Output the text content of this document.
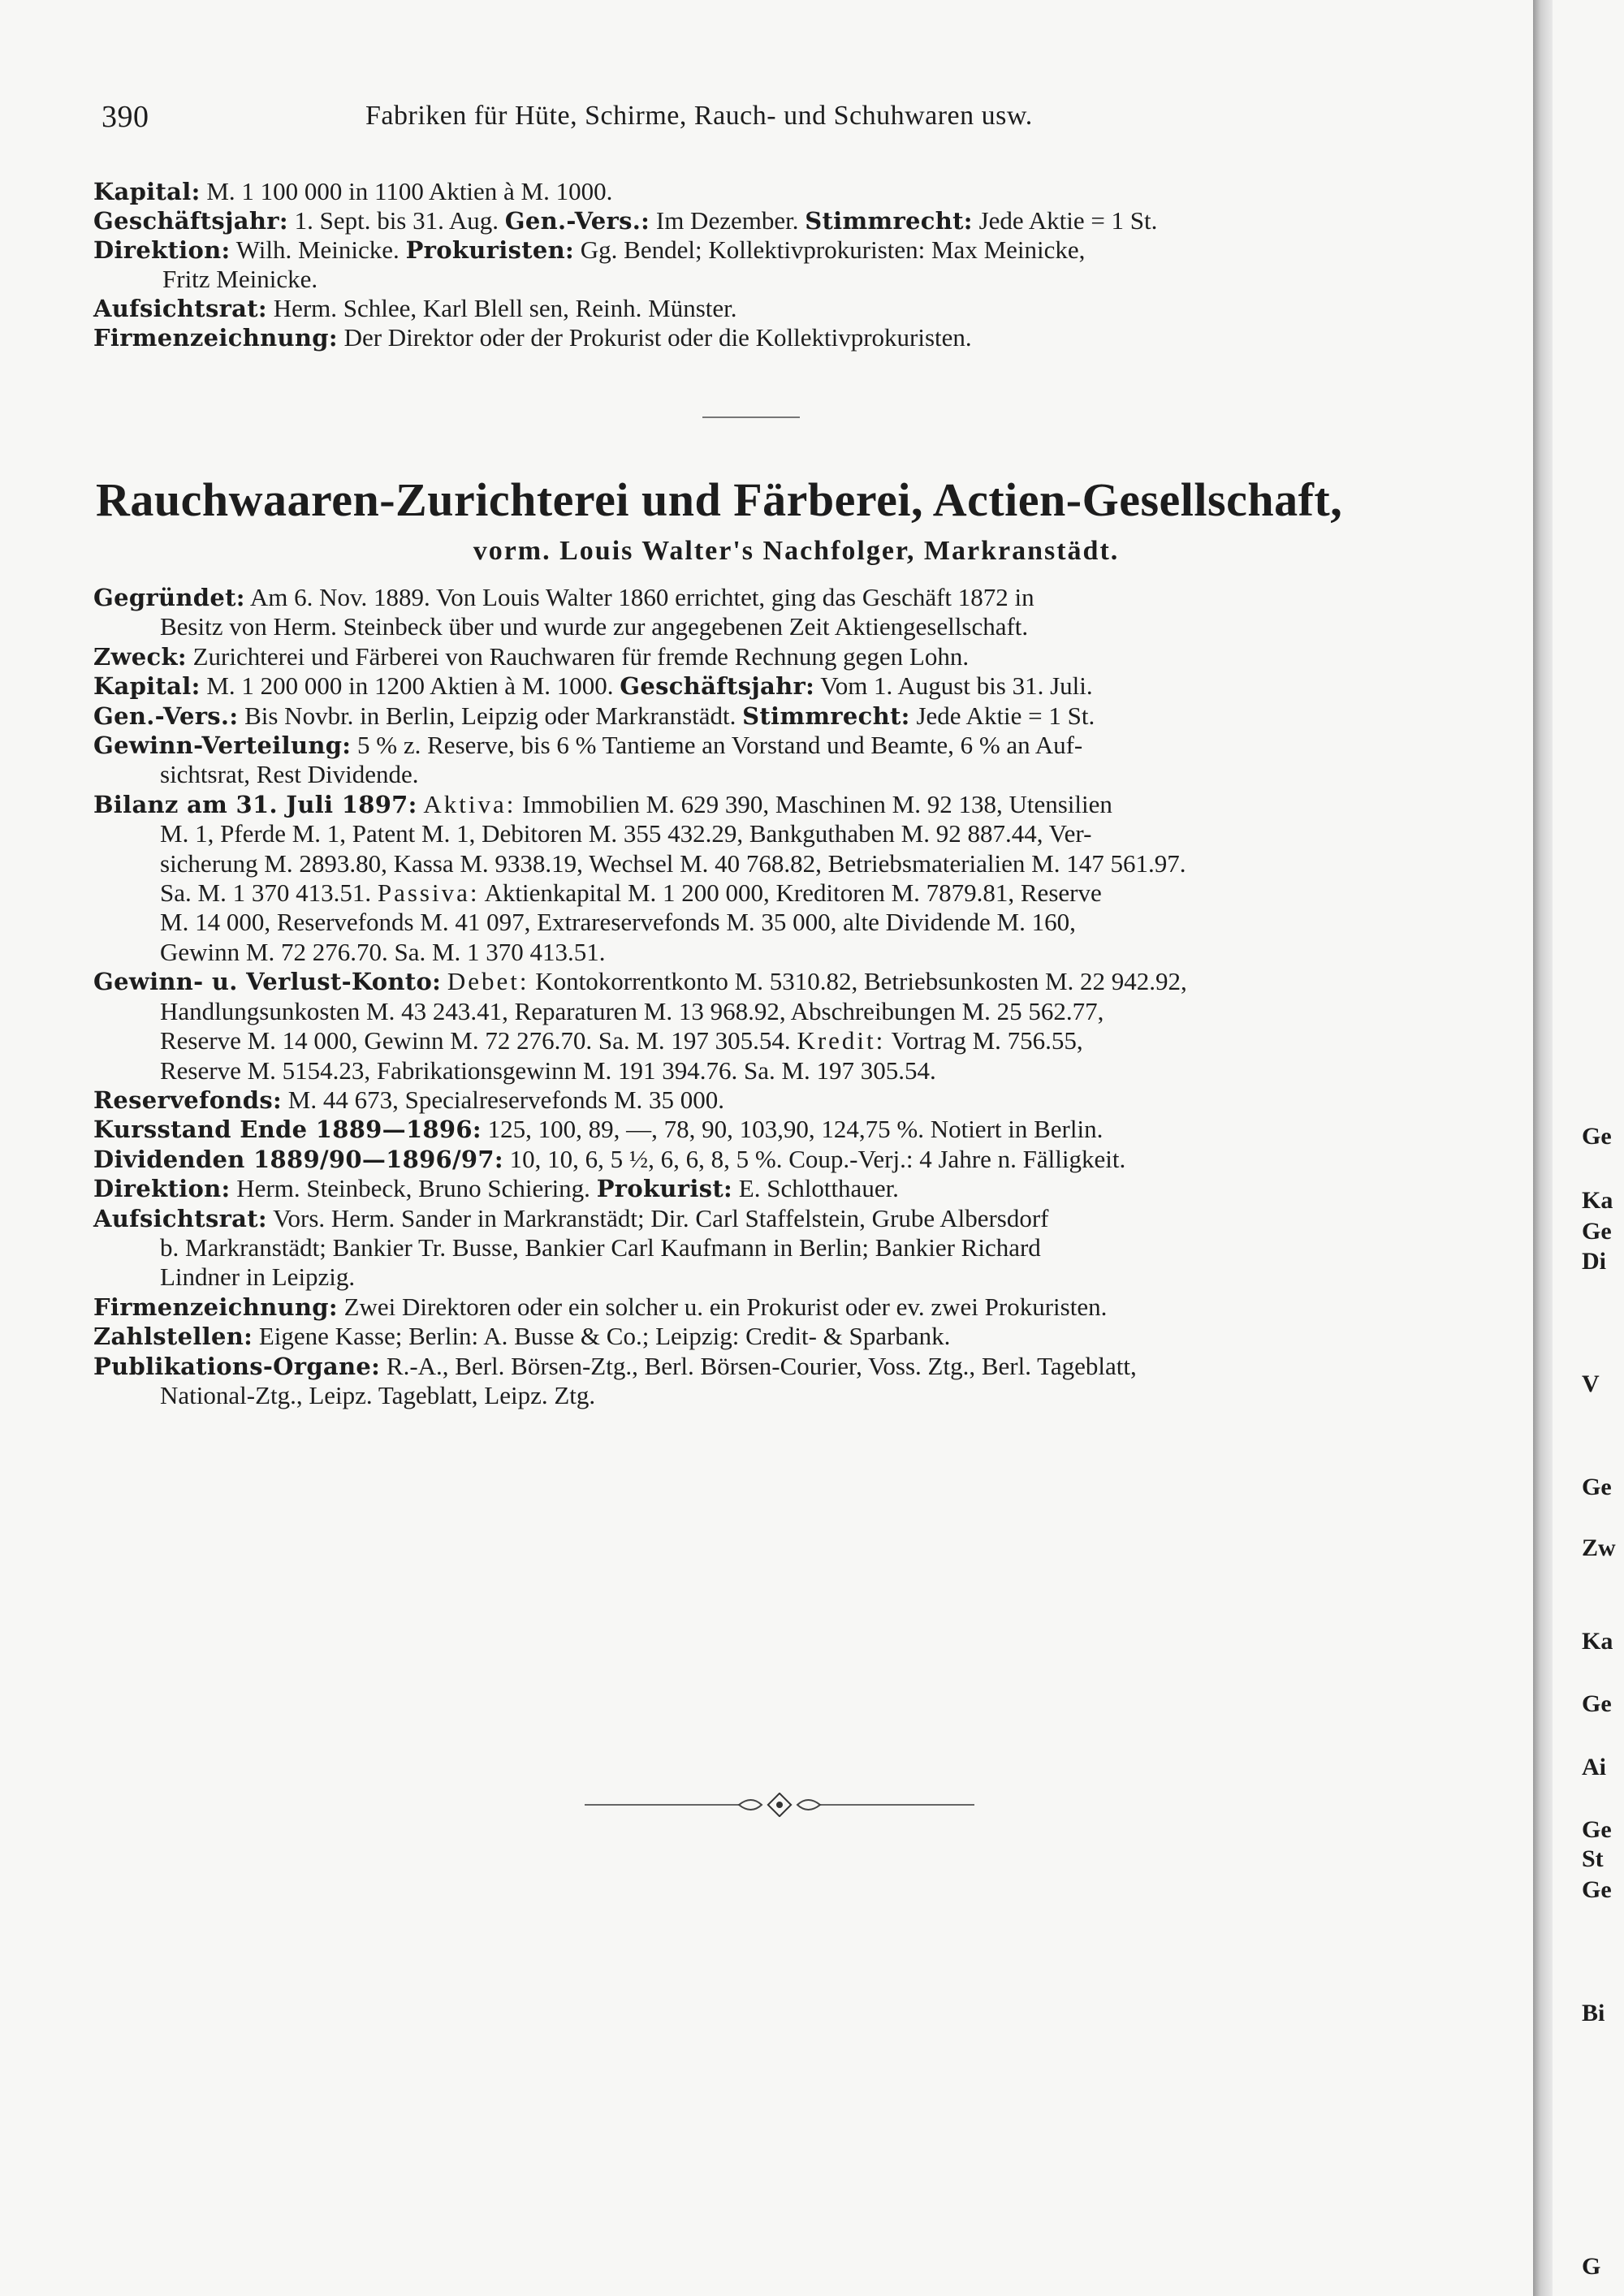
390	Fabriken für Hüte, Schirme, Rauch- und Schuhwaren usw.

Kapital: M. 1 100 000 in 1100 Aktien à M. 1000.

Geschäftsjahr: 1. Sept. bis 31. Aug. Gen.-Vers.: Im Dezember. Stimmrecht: Jede Aktie = 1 St.

Direktion: Wilh. Meinicke. Prokuristen: Gg. Bendel; Kollektivprokuristen: Max Meinicke,

Fritz Meinicke.

Aufsichtsrat: Herm. Schlee, Karl Blell sen, Reinh. Münster.

Firmenzeichnung: Der Direktor oder der Prokurist oder die Kollektivprokuristen.

Rauchwaaren-Zurichterei und Färberei, Actien-Gesellschaft,
vorm. Louis Walter's Nachfolger, Markranstädt.

Gegründet: Am 6. Nov. 1889. Von Louis Walter 1860 errichtet, ging das Geschäft 1872 in

Besitz von Herm. Steinbeck über und wurde zur angegebenen Zeit Aktiengesellschaft.

Zweck: Zurichterei und Färberei von Rauchwaren für fremde Rechnung gegen Lohn.

Kapital: M. 1 200 000 in 1200 Aktien à M. 1000. Geschäftsjahr: Vom 1. August bis 31. Juli.

Gen.-Vers.: Bis Novbr. in Berlin, Leipzig oder Markranstädt. Stimmrecht: Jede Aktie = 1 St.

Gewinn-Verteilung: 5 % z. Reserve, bis 6 % Tantieme an Vorstand und Beamte, 6 % an Auf-

sichtsrat, Rest Dividende.

Bilanz am 31. Juli 1897: Aktiva: Immobilien M. 629 390, Maschinen M. 92 138, Utensilien

M. 1, Pferde M. 1, Patent M. 1, Debitoren M. 355 432.29, Bankguthaben M. 92 887.44, Ver-

sicherung M. 2893.80, Kassa M. 9338.19, Wechsel M. 40 768.82, Betriebsmaterialien M. 147 561.97.

Sa. M. 1 370 413.51. Passiva: Aktienkapital M. 1 200 000, Kreditoren M. 7879.81, Reserve

M. 14 000, Reservefonds M. 41 097, Extrareservefonds M. 35 000, alte Dividende M. 160,

Gewinn M. 72 276.70. Sa. M. 1 370 413.51.

Gewinn- u. Verlust-Konto: Debet: Kontokorrentkonto M. 5310.82, Betriebsunkosten M. 22 942.92,

Handlungsunkosten M. 43 243.41, Reparaturen M. 13 968.92, Abschreibungen M. 25 562.77,

Reserve M. 14 000, Gewinn M. 72 276.70. Sa. M. 197 305.54. Kredit: Vortrag M. 756.55,

Reserve M. 5154.23, Fabrikationsgewinn M. 191 394.76. Sa. M. 197 305.54.

Reservefonds: M. 44 673, Specialreservefonds M. 35 000.

Kursstand Ende 1889—1896: 125, 100, 89, —, 78, 90, 103,90, 124,75 %. Notiert in Berlin.

Dividenden 1889/90—1896/97: 10, 10, 6, 5 ½, 6, 6, 8, 5 %. Coup.-Verj.: 4 Jahre n. Fälligkeit.

Direktion: Herm. Steinbeck, Bruno Schiering. Prokurist: E. Schlotthauer.

Aufsichtsrat: Vors. Herm. Sander in Markranstädt; Dir. Carl Staffelstein, Grube Albersdorf

b. Markranstädt; Bankier Tr. Busse, Bankier Carl Kaufmann in Berlin; Bankier Richard

Lindner in Leipzig.

Firmenzeichnung: Zwei Direktoren oder ein solcher u. ein Prokurist oder ev. zwei Prokuristen.

Zahlstellen: Eigene Kasse; Berlin: A. Busse & Co.; Leipzig: Credit- & Sparbank.

Publikations-Organe: R.-A., Berl. Börsen-Ztg., Berl. Börsen-Courier, Voss. Ztg., Berl. Tageblatt,

National-Ztg., Leipz. Tageblatt, Leipz. Ztg.

Ge
Ka
Ge
Di
V
Ge
Zw
Ka
Ge
Ai
Ge
St
Ge
Bi
G
